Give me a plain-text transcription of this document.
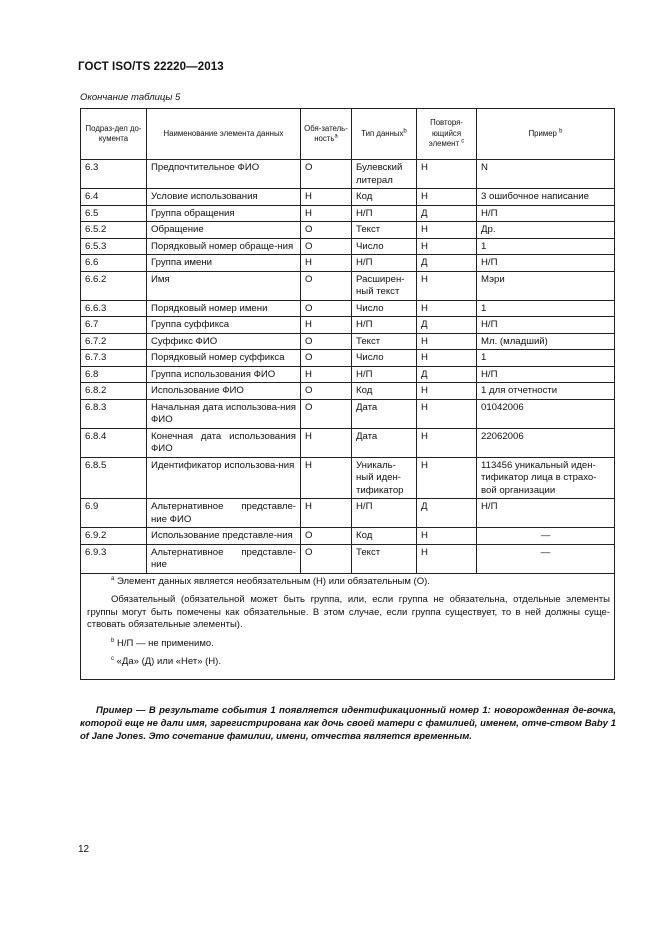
ГОСТ ISO/TS 22220—2013
Окончание таблицы 5
Подраз-дел до-кумента	Наименование элемента данных	Обя-затель-ность$^a$	Тип данных$^b$	Повторя-ющийся элемент $^c$	Пример $^b$
6.3	Предпочтительное ФИО	О	Булевский литерал	Н	N
6.4	Условие использования	Н	Код	Н	3 ошибочное написание
6.5	Группа обращения	Н	Н/П	Д	Н/П
6.5.2	Обращение	О	Текст	Н	Др.
6.5.3	Порядковый номер обраще-ния	О	Число	Н	1
6.6	Группа имени	Н	Н/П	Д	Н/П
6.6.2	Имя	О	Расширен-ный текст	Н	Мэри
6.6.3	Порядковый номер имени	О	Число	Н	1
6.7	Группа суффикса	Н	Н/П	Д	Н/П
6.7.2	Суффикс ФИО	О	Текст	Н	Мл. (младший)
6.7.3	Порядковый номер суффикса	О	Число	Н	1
6.8	Группа использования ФИО	Н	Н/П	Д	Н/П
6.8.2	Использование ФИО	О	Код	Н	1 для отчетности
6.8.3	Начальная дата использова-ния ФИО	О	Дата	Н	01042006
6.8.4	Конечная дата использования ФИО	Н	Дата	Н	22062006
6.8.5	Идентификатор использова-ния	Н	Уникаль-ный иден-тификатор	Н	113456 уникальный иден-тификатор лица в страхо-вой организации
6.9	Альтернативное представле-ние ФИО	Н	Н/П	Д	Н/П
6.9.2	Использование представле-ния	О	Код	Н	—
6.9.3	Альтернативное представле-ние	О	Текст	Н	—

$^a$ Элемент данных является необязательным (Н) или обязательным (О).

Обязательный (обязательной может быть группа, или, если группа не обязательна, отдельные элементы группы могут быть помечены как обязательные. В этом случае, если группа существует, то в ней должны суще-ствовать обязательные элементы).

$^b$ Н/П — не применимо.

$^c$ «Да» (Д) или «Нет» (Н).					

Пример — В результате события 1 появляется идентификационный номер 1: новорожденная де-вочка, которой еще не дали имя, зарегистрирована как дочь своей матери с фамилией, именем, отче-ством Baby 1 of Jane Jones. Это сочетание фамилии, имени, отчества является временным.
12
